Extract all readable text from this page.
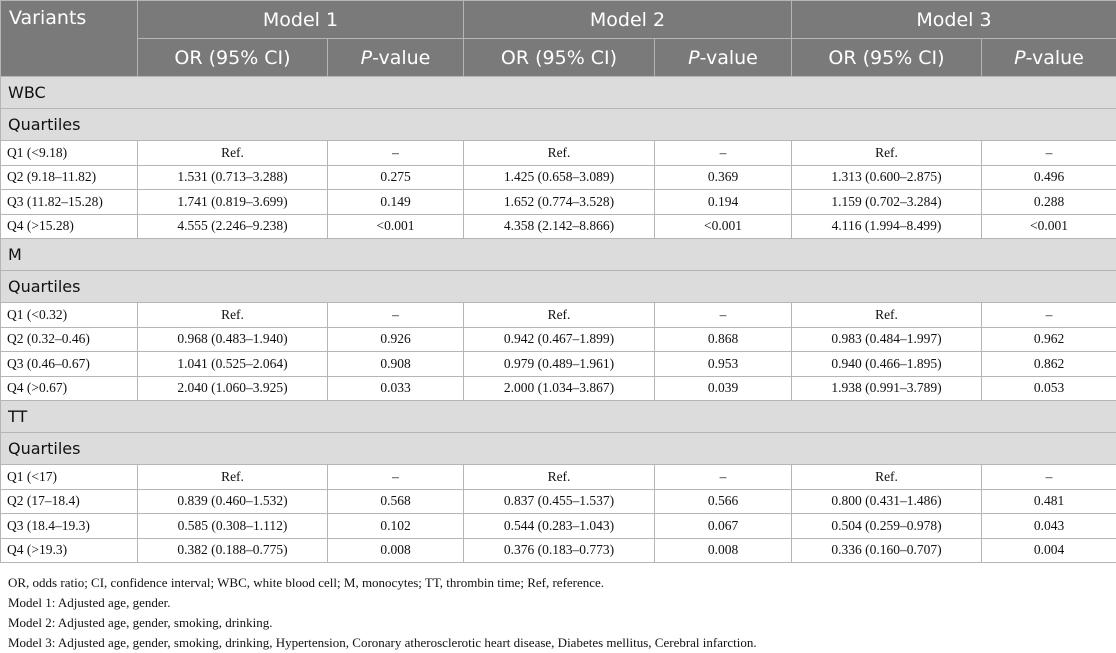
Variants	Model 1		Model 2		Model 3	
	OR (95% CI)	P-value	OR (95% CI)	P-value	OR (95% CI)	P-value
WBC						
Quartiles						
Q1 (<9.18)	Ref.	–	Ref.	–	Ref.	–
Q2 (9.18–11.82)	1.531 (0.713–3.288)	0.275	1.425 (0.658–3.089)	0.369	1.313 (0.600–2.875)	0.496
Q3 (11.82–15.28)	1.741 (0.819–3.699)	0.149	1.652 (0.774–3.528)	0.194	1.159 (0.702–3.284)	0.288
Q4 (>15.28)	4.555 (2.246–9.238)	<0.001	4.358 (2.142–8.866)	<0.001	4.116 (1.994–8.499)	<0.001
M						
Quartiles						
Q1 (<0.32)	Ref.	–	Ref.	–	Ref.	–
Q2 (0.32–0.46)	0.968 (0.483–1.940)	0.926	0.942 (0.467–1.899)	0.868	0.983 (0.484–1.997)	0.962
Q3 (0.46–0.67)	1.041 (0.525–2.064)	0.908	0.979 (0.489–1.961)	0.953	0.940 (0.466–1.895)	0.862
Q4 (>0.67)	2.040 (1.060–3.925)	0.033	2.000 (1.034–3.867)	0.039	1.938 (0.991–3.789)	0.053
TT						
Quartiles						
Q1 (<17)	Ref.	–	Ref.	–	Ref.	–
Q2 (17–18.4)	0.839 (0.460–1.532)	0.568	0.837 (0.455–1.537)	0.566	0.800 (0.431–1.486)	0.481
Q3 (18.4–19.3)	0.585 (0.308–1.112)	0.102	0.544 (0.283–1.043)	0.067	0.504 (0.259–0.978)	0.043
Q4 (>19.3)	0.382 (0.188–0.775)	0.008	0.376 (0.183–0.773)	0.008	0.336 (0.160–0.707)	0.004
OR, odds ratio; CI, confidence interval; WBC, white blood cell; M, monocytes; TT, thrombin time; Ref, reference.
Model 1: Adjusted age, gender.
Model 2: Adjusted age, gender, smoking, drinking.
Model 3: Adjusted age, gender, smoking, drinking, Hypertension, Coronary atherosclerotic heart disease, Diabetes mellitus, Cerebral infarction.
